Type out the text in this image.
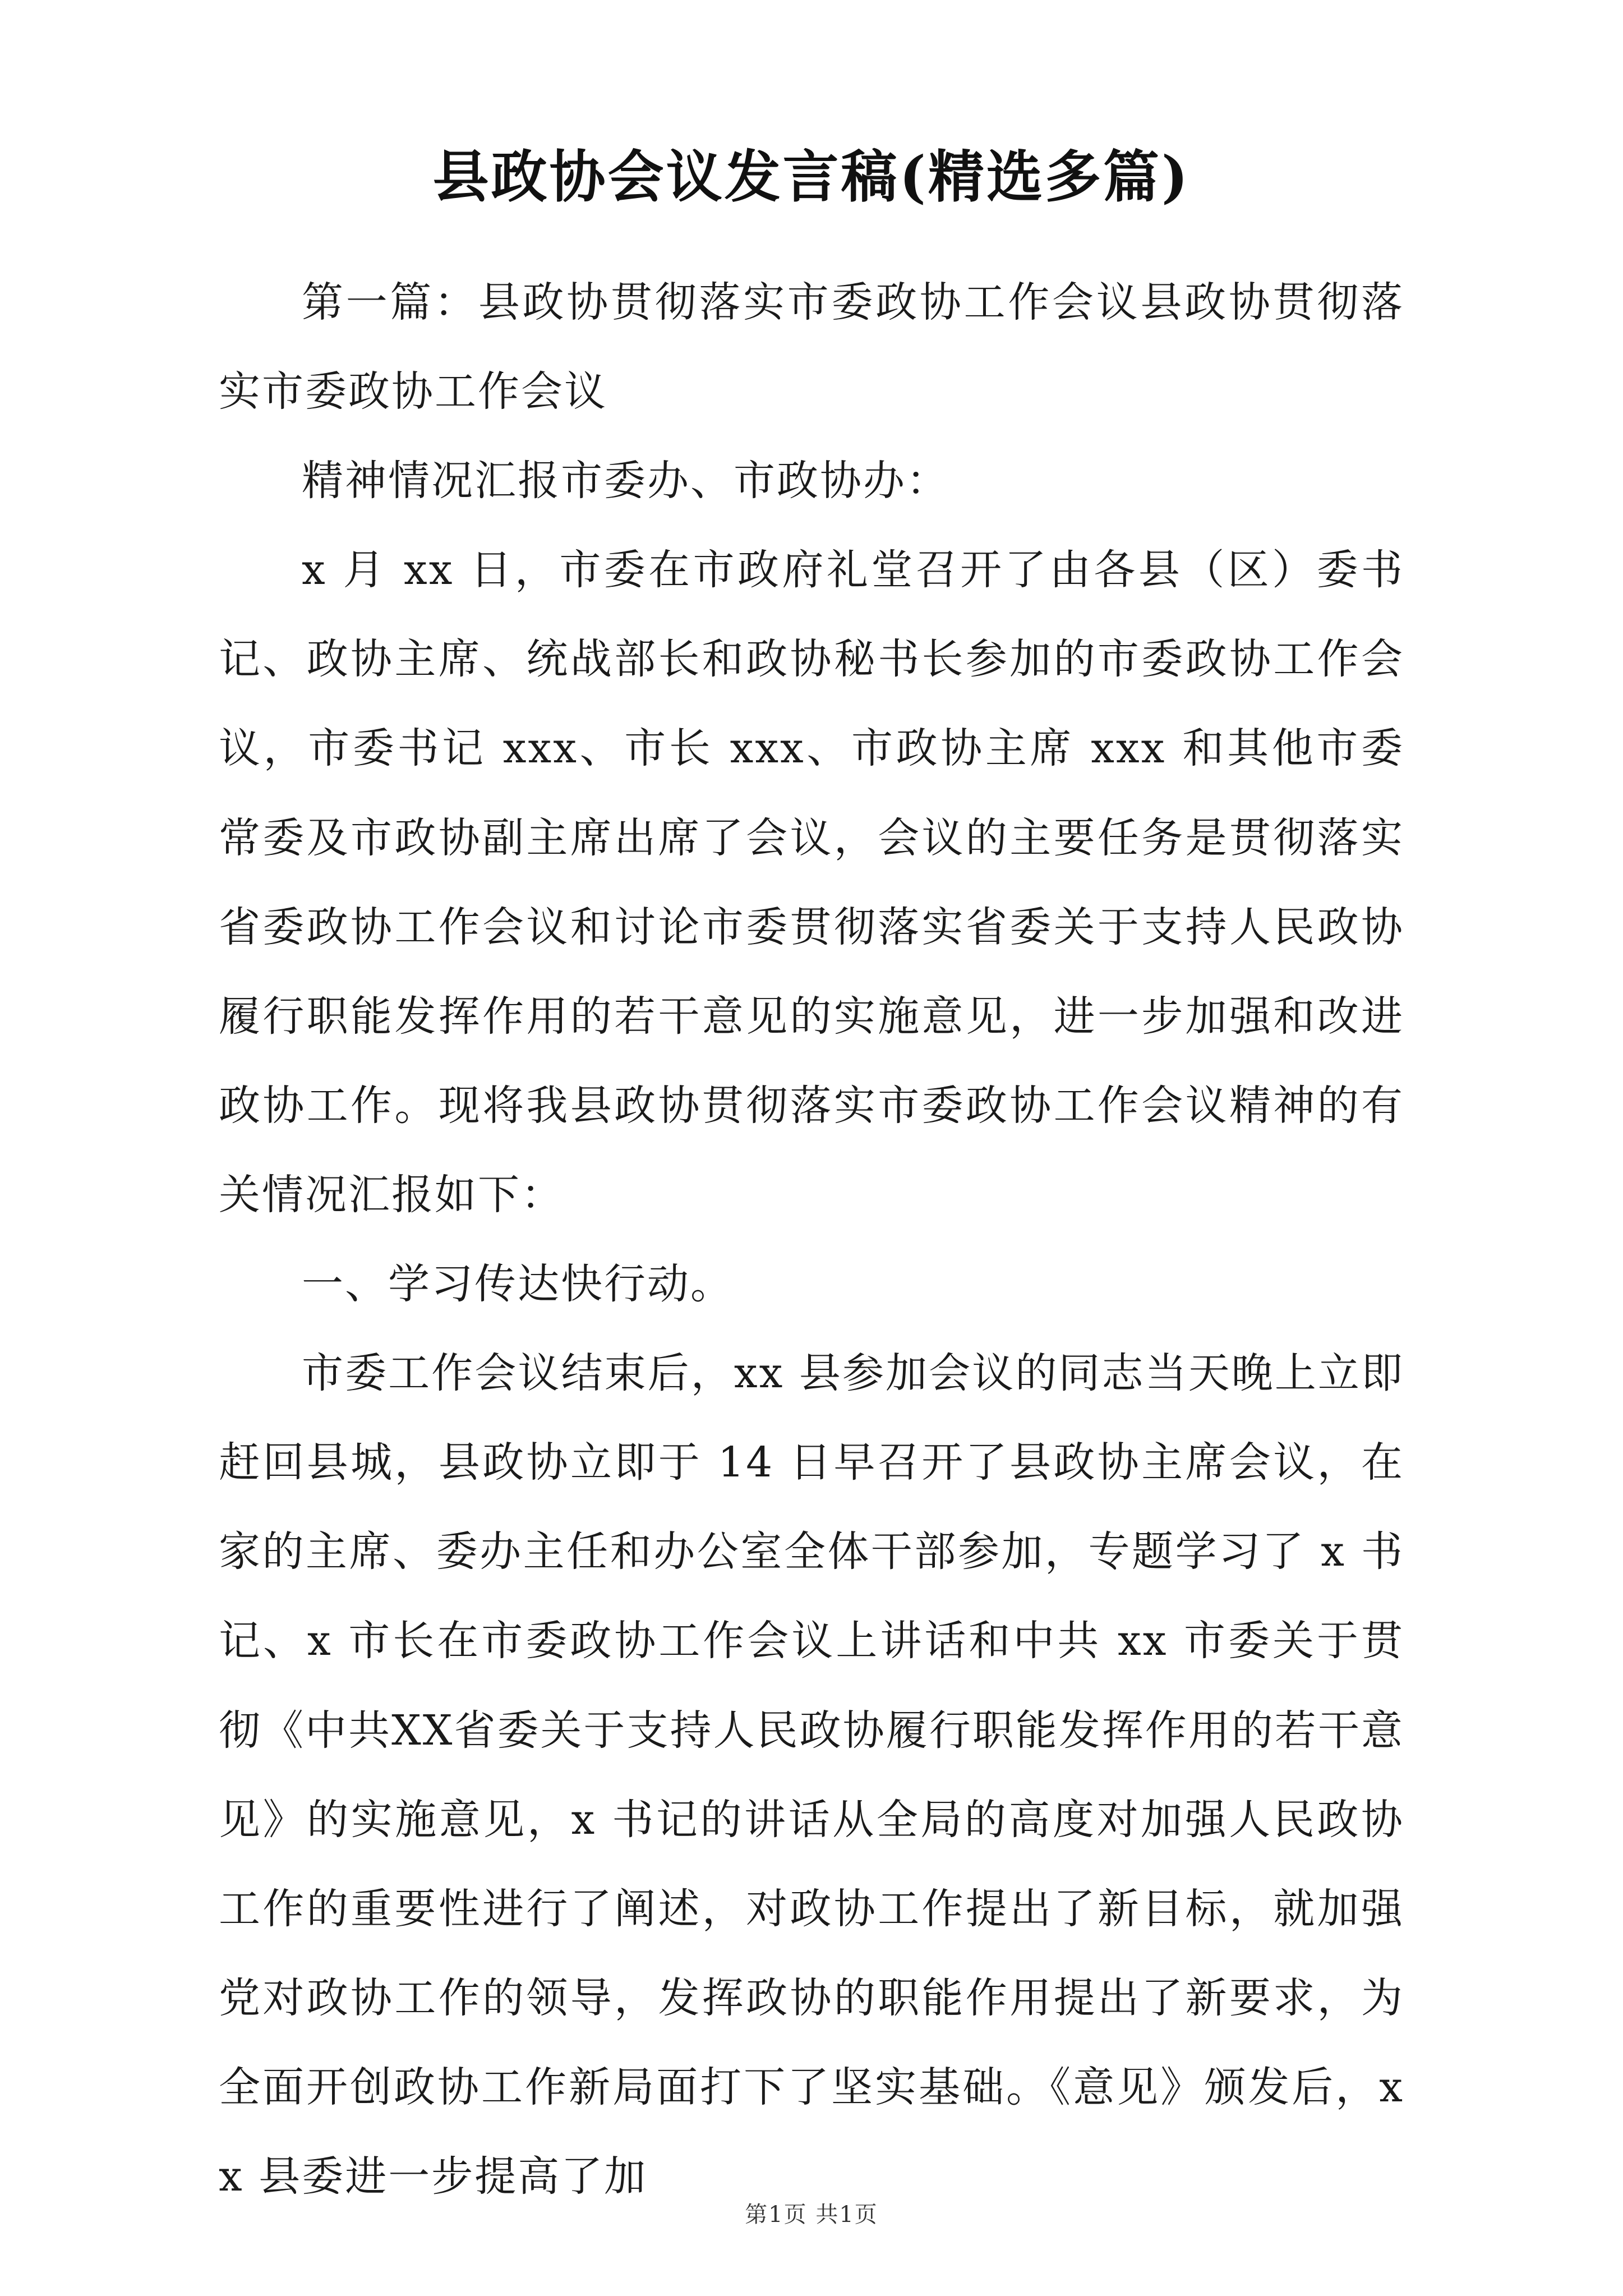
县政协会议发言稿(精选多篇)

第一篇：县政协贯彻落实市委政协工作会议县政协贯彻落实市委政协工作会议

精神情况汇报市委办、市政协办：

x 月 xx 日，市委在市政府礼堂召开了由各县（区）委书记、政协主席、统战部长和政协秘书长参加的市委政协工作会议，市委书记 xxx、市长 xxx、市政协主席 xxx 和其他市委常委及市政协副主席出席了会议，会议的主要任务是贯彻落实省委政协工作会议和讨论市委贯彻落实省委关于支持人民政协履行职能发挥作用的若干意见的实施意见，进一步加强和改进政协工作。现将我县政协贯彻落实市委政协工作会议精神的有关情况汇报如下：

一、学习传达快行动。

市委工作会议结束后，xx 县参加会议的同志当天晚上立即赶回县城，县政协立即于 14 日早召开了县政协主席会议，在家的主席、委办主任和办公室全体干部参加，专题学习了 x 书记、x 市长在市委政协工作会议上讲话和中共 xx 市委关于贯彻《中共XX省委关于支持人民政协履行职能发挥作用的若干意见》的实施意见，x 书记的讲话从全局的高度对加强人民政协工作的重要性进行了阐述，对政协工作提出了新目标，就加强党对政协工作的领导，发挥政协的职能作用提出了新要求，为全面开创政协工作新局面打下了坚实基础。《意见》颁发后，xx 县委进一步提高了加

第1页 共1页
